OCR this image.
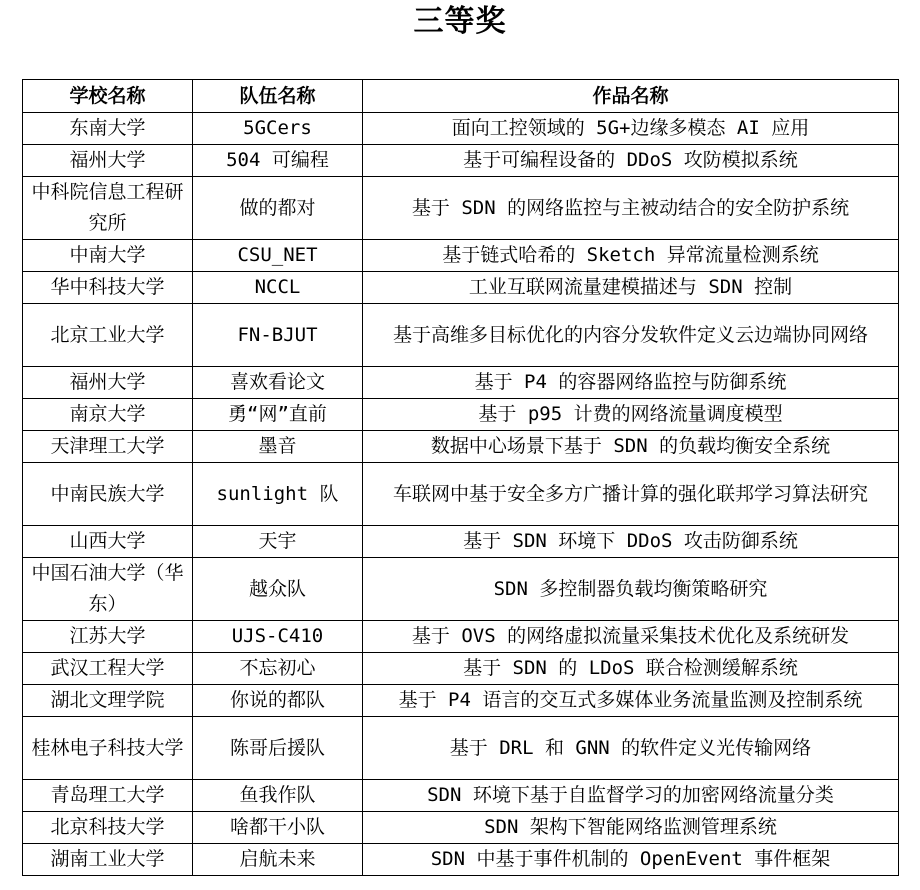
三等奖
学校名称	队伍名称	作品名称
东南大学	5GCers	面向工控领域的 5G+边缘多模态 AI 应用
福州大学	504 可编程	基于可编程设备的 DDoS 攻防模拟系统
中科院信息工程研究所	做的都对	基于 SDN 的网络监控与主被动结合的安全防护系统
中南大学	CSU_NET	基于链式哈希的 Sketch 异常流量检测系统
华中科技大学	NCCL	工业互联网流量建模描述与 SDN 控制
北京工业大学	FN-BJUT	基于高维多目标优化的内容分发软件定义云边端协同网络
福州大学	喜欢看论文	基于 P4 的容器网络监控与防御系统
南京大学	勇“网”直前	基于 p95 计费的网络流量调度模型
天津理工大学	墨音	数据中心场景下基于 SDN 的负载均衡安全系统
中南民族大学	sunlight 队	车联网中基于安全多方广播计算的强化联邦学习算法研究
山西大学	天宇	基于 SDN 环境下 DDoS 攻击防御系统
中国石油大学（华东）	越众队	SDN 多控制器负载均衡策略研究
江苏大学	UJS-C410	基于 OVS 的网络虚拟流量采集技术优化及系统研发
武汉工程大学	不忘初心	基于 SDN 的 LDoS 联合检测缓解系统
湖北文理学院	你说的都队	基于 P4 语言的交互式多媒体业务流量监测及控制系统
桂林电子科技大学	陈哥后援队	基于 DRL 和 GNN 的软件定义光传输网络
青岛理工大学	鱼我作队	SDN 环境下基于自监督学习的加密网络流量分类
北京科技大学	啥都干小队	SDN 架构下智能网络监测管理系统
湖南工业大学	启航未来	SDN 中基于事件机制的 OpenEvent 事件框架
